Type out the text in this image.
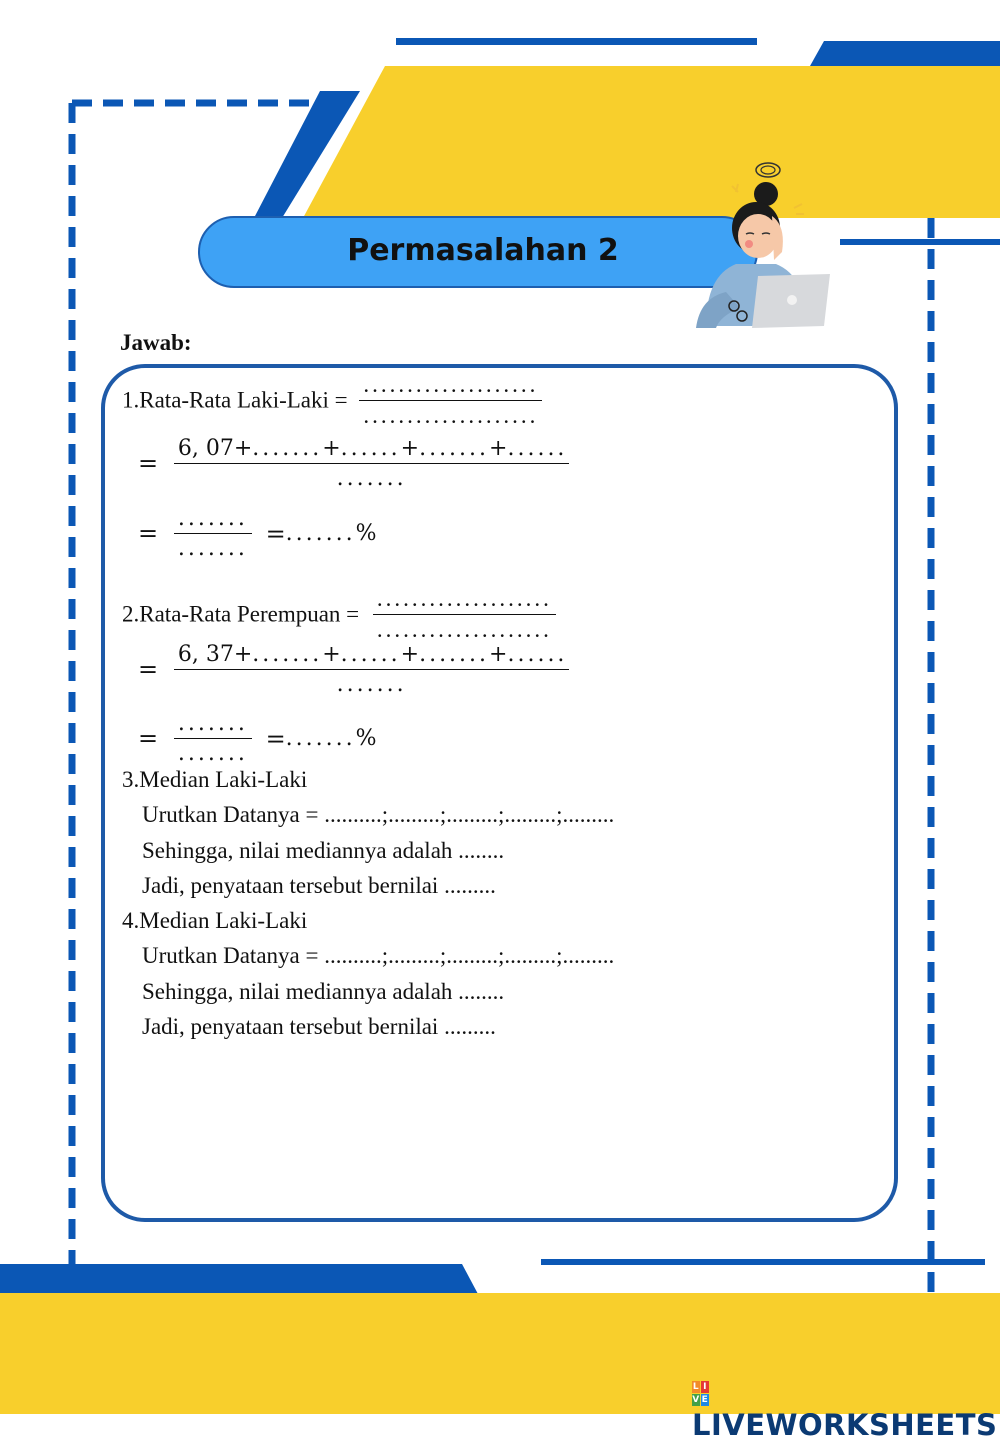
Permasalahan 2
Jawab:
1.Rata-Rata Laki-Laki = $\frac{....................}{....................}$
= $\frac{6, 07+.......+......+.......+......}{.......}$
= $\frac{.......}{.......}$ =.......%
2.Rata-Rata Perempuan = $\frac{....................}{....................}$
= $\frac{6, 37+.......+......+.......+......}{.......}$
= $\frac{.......}{.......}$ =.......%
3.Median Laki-Laki
Urutkan Datanya = ..........;.........;.........;.........;.........
Sehingga, nilai mediannya adalah ........
Jadi, penyataan tersebut bernilai .........
4.Median Laki-Laki
Urutkan Datanya = ..........;.........;.........;.........;.........
Sehingga, nilai mediannya adalah ........
Jadi, penyataan tersebut bernilai .........
L I
V E
LIVEWORKSHEETS
